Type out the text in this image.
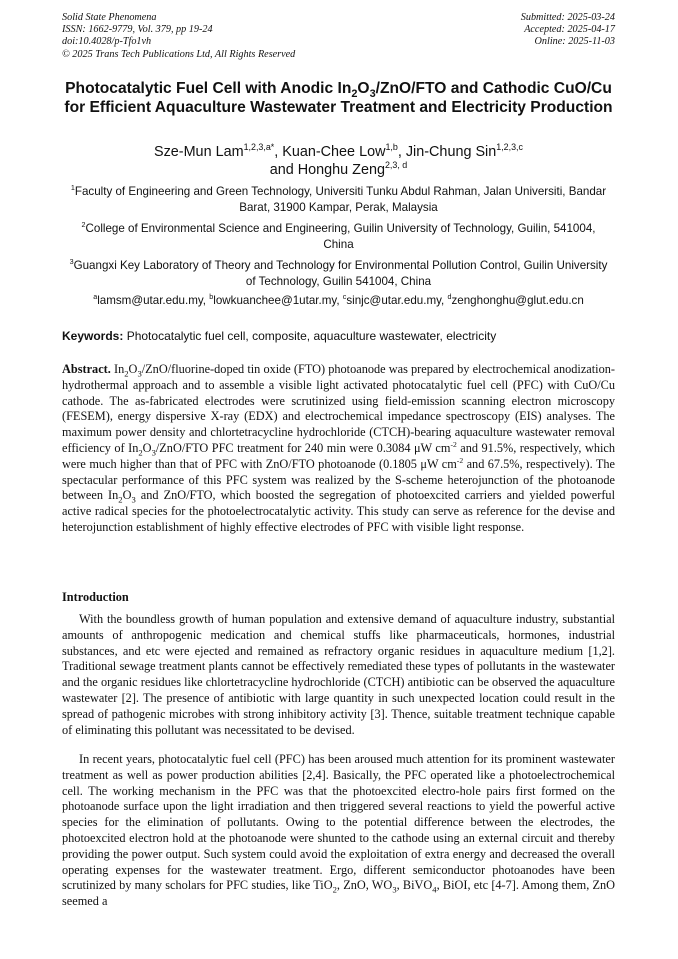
Solid State Phenomena
ISSN: 1662-9779, Vol. 379, pp 19-24
doi:10.4028/p-Tfo1vh
© 2025 Trans Tech Publications Ltd, All Rights Reserved
Submitted: 2025-03-24
Accepted: 2025-04-17
Online: 2025-11-03
Photocatalytic Fuel Cell with Anodic $In_2O_3/ZnO$/FTO and Cathodic CuO/Cu for Efficient Aquaculture Wastewater Treatment and Electricity Production
Sze-Mun Lam$^{1,2,3,a*}$, Kuan-Chee Low$^{1,b}$, Jin-Chung Sin$^{1,2,3,c}$
and Honghu Zeng$^{2,3, d}$
$^1$Faculty of Engineering and Green Technology, Universiti Tunku Abdul Rahman, Jalan Universiti, Bandar Barat, 31900 Kampar, Perak, Malaysia
$^2$College of Environmental Science and Engineering, Guilin University of Technology, Guilin, 541004, China
$^3$Guangxi Key Laboratory of Theory and Technology for Environmental Pollution Control, Guilin University of Technology, Guilin 541004, China
$^a$lamsm@utar.edu.my, $^b$lowkuanchee@1utar.my, $^c$sinjc@utar.edu.my, $^d$zenghonghu@glut.edu.cn
Keywords: Photocatalytic fuel cell, composite, aquaculture wastewater, electricity
Abstract. $In_2O_3/ZnO/fluorine$-doped tin oxide (FTO) photoanode was prepared by electrochemical anodization-hydrothermal approach and to assemble a visible light activated photocatalytic fuel cell (PFC) with CuO/Cu cathode. The as-fabricated electrodes were scrutinized using field-emission scanning electron microscopy (FESEM), energy dispersive X-ray (EDX) and electrochemical impedance spectroscopy (EIS) analyses. The maximum power density and chlortetracycline hydrochloride (CTCH)-bearing aquaculture wastewater removal efficiency of $In_2O_3/ZnO$/FTO PFC treatment for 240 min were 0.3084 μW $cm^{-2}$ and 91.5%, respectively, which were much higher than that of PFC with ZnO/FTO photoanode (0.1805 μW $cm^{-2}$ and 67.5%, respectively). The spectacular performance of this PFC system was realized by the S-scheme heterojunction of the photoanode between $In_2O_3$ and ZnO/FTO, which boosted the segregation of photoexcited carriers and yielded powerful active radical species for the photoelectrocatalytic activity. This study can serve as reference for the devise and heterojunction establishment of highly effective electrodes of PFC with visible light response.
Introduction
With the boundless growth of human population and extensive demand of aquaculture industry, substantial amounts of anthropogenic medication and chemical stuffs like pharmaceuticals, hormones, industrial substances, and etc were ejected and remained as refractory organic residues in aquaculture medium [1,2]. Traditional sewage treatment plants cannot be effectively remediated these types of pollutants in the wastewater and the organic residues like chlortetracycline hydrochloride (CTCH) antibiotic can be observed the aquaculture wastewater [2]. The presence of antibiotic with large quantity in such unexpected location could result in the spread of pathogenic microbes with strong inhibitory activity [3]. Thence, suitable treatment technique capable of eliminating this pollutant was necessitated to be devised.
In recent years, photocatalytic fuel cell (PFC) has been aroused much attention for its prominent wastewater treatment as well as power production abilities [2,4]. Basically, the PFC operated like a photoelectrochemical cell. The working mechanism in the PFC was that the photoexcited electro-hole pairs first formed on the photoanode surface upon the light irradiation and then triggered several reactions to yield the powerful active species for the elimination of pollutants. Owing to the potential difference between the electrodes, the photoexcited electron hold at the photoanode were shunted to the cathode using an external circuit and thereby providing the power output. Such system could avoid the exploitation of extra energy and decreased the overall operating expenses for the wastewater treatment. Ergo, different semiconductor photoanodes have been scrutinized by many scholars for PFC studies, like TiO$_2$, ZnO, $WO_3$, BiVO$_4$, BiOI, etc [4-7]. Among them, ZnO seemed a
